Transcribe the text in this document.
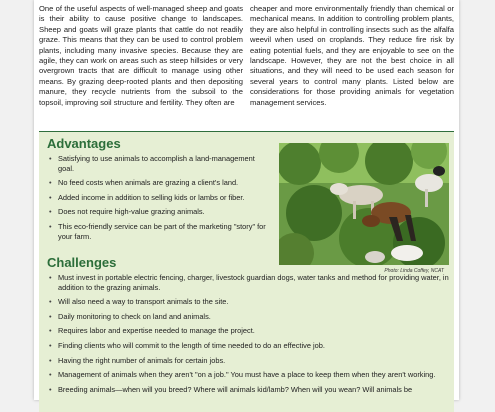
One of the useful aspects of well-managed sheep and goats is their ability to cause positive change to landscapes. Sheep and goats will graze plants that cattle do not readily graze. This means that they can be used to control problem plants, including many invasive species. Because they are agile, they can work on areas such as steep hillsides or very overgrown tracts that are difficult to manage using other means. By grazing deep-rooted plants and then depositing manure, they recycle nutrients from the subsoil to the topsoil, improving soil structure and fertility. They often are

cheaper and more environmentally friendly than chemical or mechanical means. In addition to controlling problem plants, they are also helpful in controlling insects such as the alfalfa weevil when used on croplands. They reduce fire risk by eating potential fuels, and they are enjoyable to see on the landscape. However, they are not the best choice in all situations, and they will need to be used each season for several years to control many plants. Listed below are considerations for those providing animals for vegetation management services.

Advantages
• Satisfying to use animals to accomplish a land-management goal.
• No feed costs when animals are grazing a client's land.
• Added income in addition to selling kids or lambs or fiber.
• Does not require high-value grazing animals.
• This eco-friendly service can be part of the marketing "story" for your farm.
Photo: Linda Coffey, NCAT
Challenges
• Must invest in portable electric fencing, charger, livestock guardian dogs, water tanks and method for providing water, in addition to the grazing animals.
• Will also need a way to transport animals to the site.
• Daily monitoring to check on land and animals.
• Requires labor and expertise needed to manage the project.
• Finding clients who will commit to the length of time needed to do an effective job.
• Having the right number of animals for certain jobs.
• Management of animals when they aren't "on a job." You must have a place to keep them when they aren't working.
• Breeding animals—when will you breed? Where will animals kid/lamb? When will you wean? Will animals be
